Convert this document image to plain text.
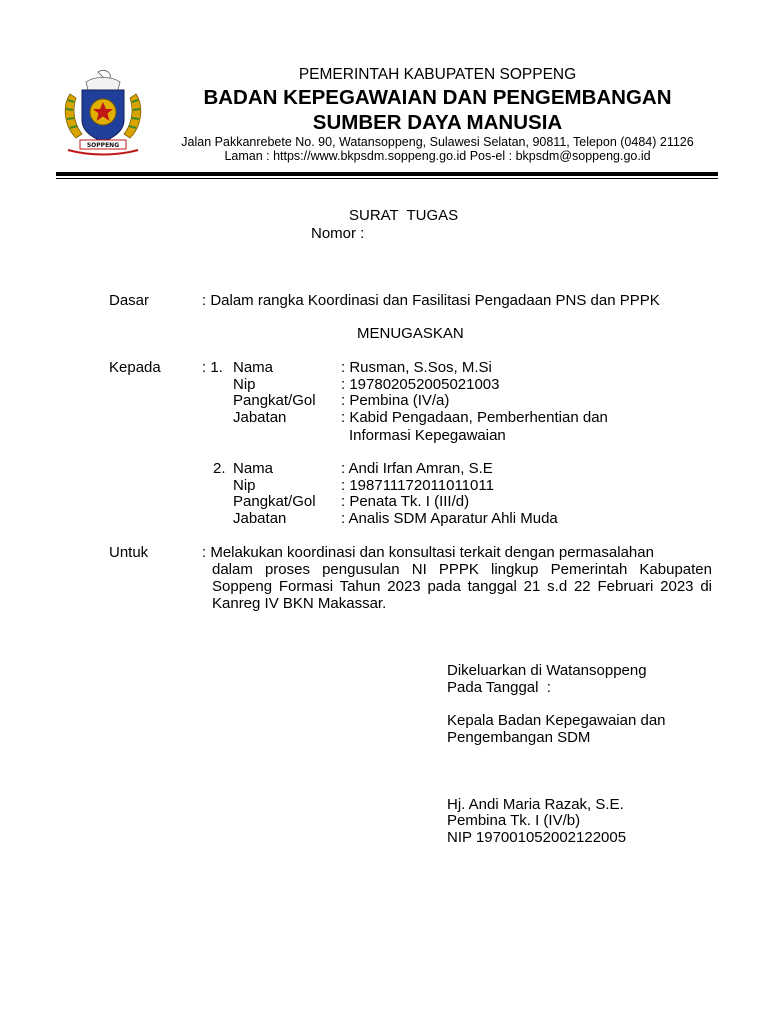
SOPPENG
PEMERINTAH KABUPATEN SOPPENG
BADAN KEPEGAWAIAN DAN PENGEMBANGAN
SUMBER DAYA MANUSIA
Jalan Pakkanrebete No. 90, Watansoppeng, Sulawesi Selatan, 90811, Telepon (0484) 21126
Laman : https://www.bkpsdm.soppeng.go.id Pos-el : bkpsdm@soppeng.go.id
SURAT  TUGAS
Nomor :
Dasar	: Dalam rangka Koordinasi dan Fasilitasi Pengadaan PNS dan PPPK
MENUGASKAN
Kepada	: 1. Nama	: Rusman, S.Sos, M.Si
Nip	: 197802052005021003
Pangkat/Gol : Pembina (IV/a)
Jabatan	: Kabid Pengadaan, Pemberhentian dan
Informasi Kepegawaian
2. Nama	: Andi Irfan Amran, S.E
Nip	: 198711172011011011
Pangkat/Gol : Penata Tk. I (III/d)
Jabatan	: Analis SDM Aparatur Ahli Muda
Untuk	: Melakukan koordinasi dan konsultasi terkait dengan permasalahan
dalam proses pengusulan NI PPPK lingkup Pemerintah Kabupaten Soppeng Formasi Tahun 2023 pada tanggal 21 s.d 22 Februari 2023 di Kanreg IV BKN Makassar.
Dikeluarkan di Watansoppeng
Pada Tanggal  :
Kepala Badan Kepegawaian dan
Pengembangan SDM
Hj. Andi Maria Razak, S.E.
Pembina Tk. I (IV/b)
NIP 197001052002122005
